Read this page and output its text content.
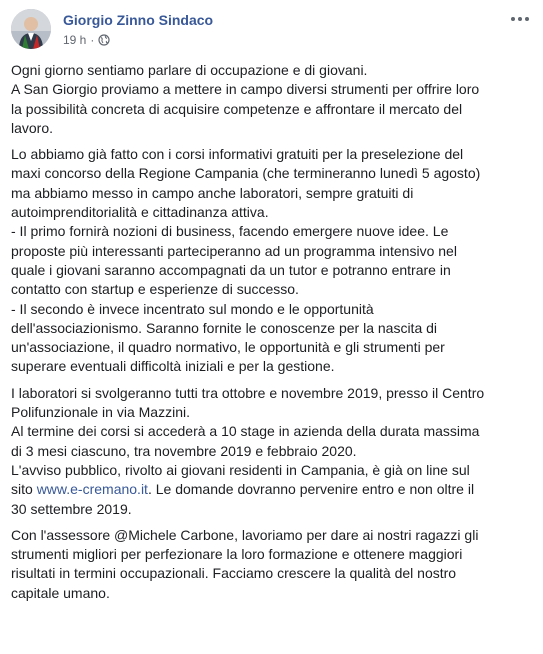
Giorgio Zinno Sindaco
19 h ·

Ogni giorno sentiamo parlare di occupazione e di giovani.
A San Giorgio proviamo a mettere in campo diversi strumenti per offrire loro
la possibilità concreta di acquisire competenze e affrontare il mercato del
lavoro.

Lo abbiamo già fatto con i corsi informativi gratuiti per la preselezione del
maxi concorso della Regione Campania (che termineranno lunedì 5 agosto)
ma abbiamo messo in campo anche laboratori, sempre gratuiti di
autoimprenditorialità e cittadinanza attiva.
- Il primo fornirà nozioni di business, facendo emergere nuove idee. Le
proposte più interessanti parteciperanno ad un programma intensivo nel
quale i giovani saranno accompagnati da un tutor e potranno entrare in
contatto con startup e esperienze di successo.
- Il secondo è invece incentrato sul mondo e le opportunità
dell'associazionismo. Saranno fornite le conoscenze per la nascita di
un'associazione, il quadro normativo, le opportunità e gli strumenti per
superare eventuali difficoltà iniziali e per la gestione.

I laboratori si svolgeranno tutti tra ottobre e novembre 2019, presso il Centro
Polifunzionale in via Mazzini.
Al termine dei corsi si accederà a 10 stage in azienda della durata massima
di 3 mesi ciascuno, tra novembre 2019 e febbraio 2020.
L'avviso pubblico, rivolto ai giovani residenti in Campania, è già on line sul
sito www.e-cremano.it. Le domande dovranno pervenire entro e non oltre il
30 settembre 2019.

Con l'assessore @Michele Carbone, lavoriamo per dare ai nostri ragazzi gli
strumenti migliori per perfezionare la loro formazione e ottenere maggiori
risultati in termini occupazionali. Facciamo crescere la qualità del nostro
capitale umano.
